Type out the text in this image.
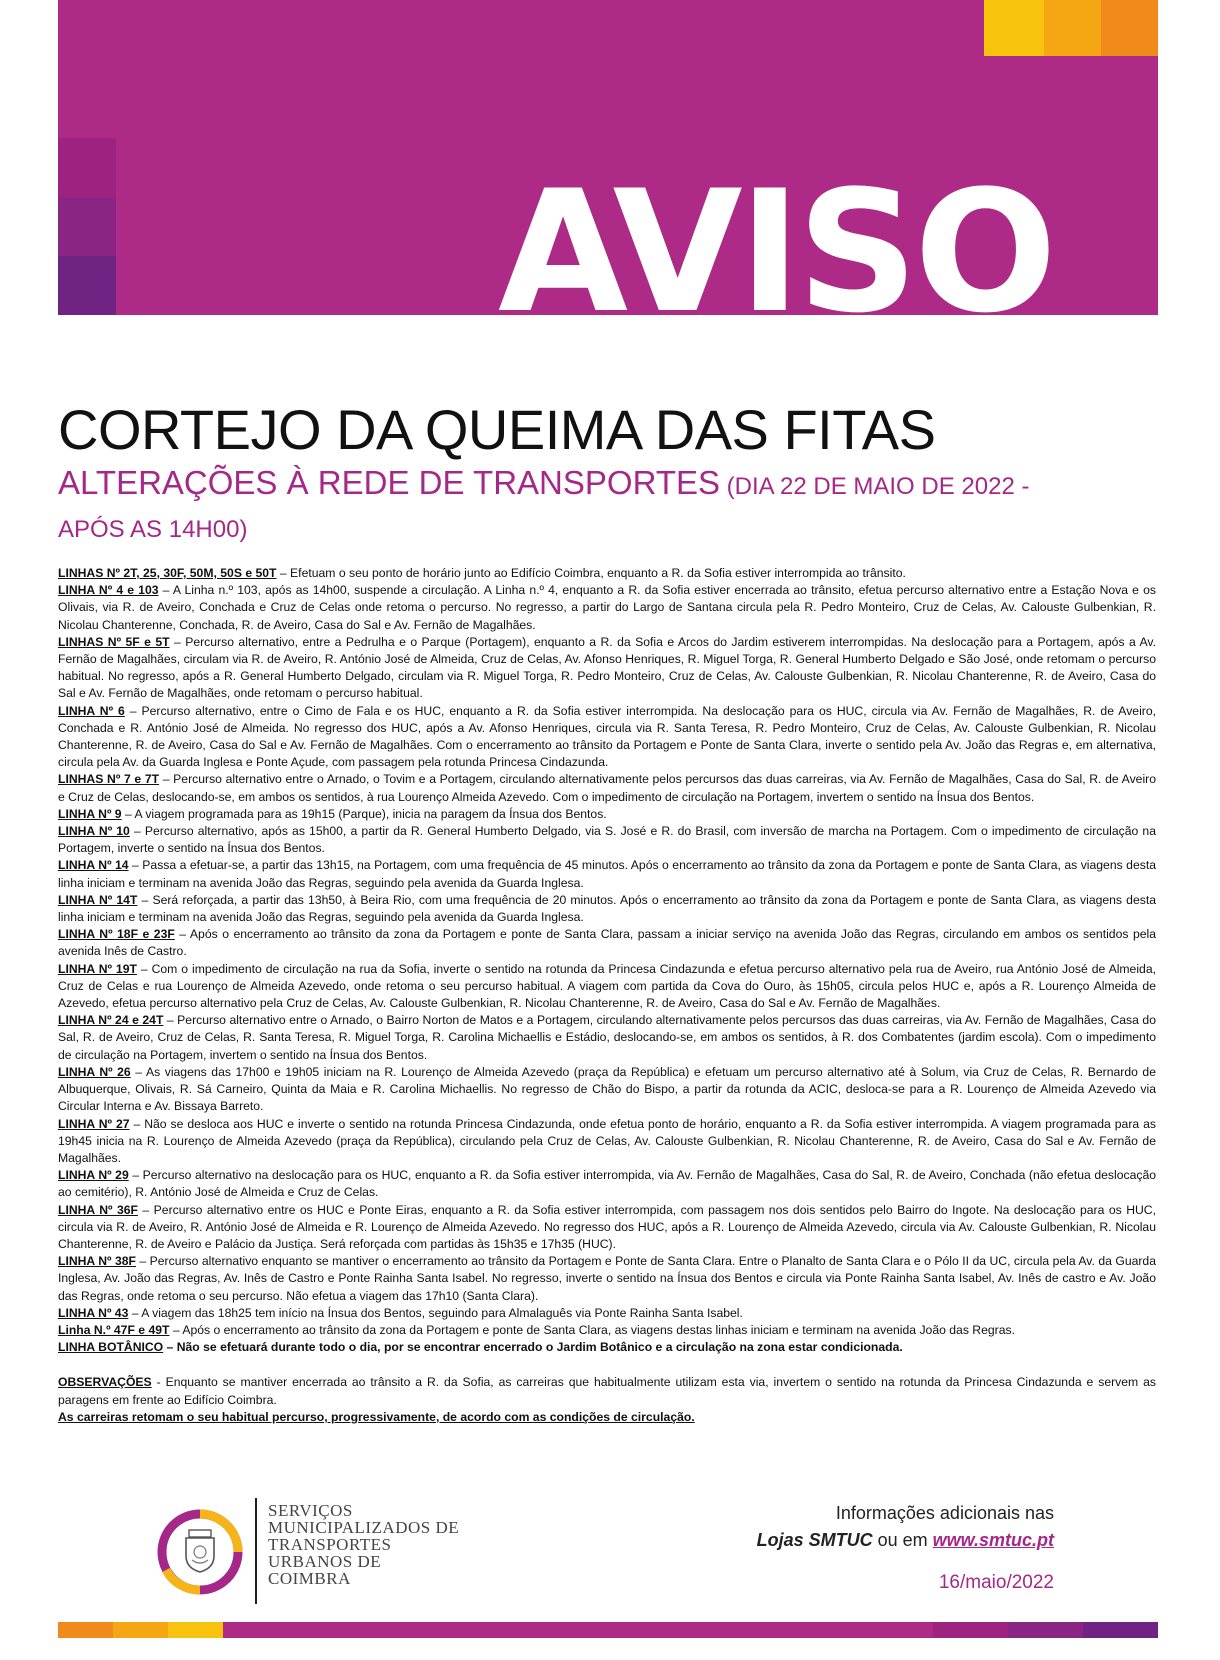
AVISO
CORTEJO DA QUEIMA DAS FITAS
ALTERAÇÕES À REDE DE TRANSPORTES (DIA 22 DE MAIO DE 2022 - APÓS AS 14H00)

LINHAS Nº 2T, 25, 30F, 50M, 50S e 50T – Efetuam o seu ponto de horário junto ao Edifício Coimbra, enquanto a R. da Sofia estiver interrompida ao trânsito.

LINHA Nº 4 e 103 – A Linha n.º 103, após as 14h00, suspende a circulação. A Linha n.º 4, enquanto a R. da Sofia estiver encerrada ao trânsito, efetua percurso alternativo entre a Estação Nova e os Olivais, via R. de Aveiro, Conchada e Cruz de Celas onde retoma o percurso. No regresso, a partir do Largo de Santana circula pela R. Pedro Monteiro, Cruz de Celas, Av. Calouste Gulbenkian, R. Nicolau Chanterenne, Conchada, R. de Aveiro, Casa do Sal e Av. Fernão de Magalhães.

LINHAS Nº 5F e 5T – Percurso alternativo, entre a Pedrulha e o Parque (Portagem), enquanto a R. da Sofia e Arcos do Jardim estiverem interrompidas. Na deslocação para a Portagem, após a Av. Fernão de Magalhães, circulam via R. de Aveiro, R. António José de Almeida, Cruz de Celas, Av. Afonso Henriques, R. Miguel Torga, R. General Humberto Delgado e São José, onde retomam o percurso habitual. No regresso, após a R. General Humberto Delgado, circulam via R. Miguel Torga, R. Pedro Monteiro, Cruz de Celas, Av. Calouste Gulbenkian, R. Nicolau Chanterenne, R. de Aveiro, Casa do Sal e Av. Fernão de Magalhães, onde retomam o percurso habitual.

LINHA Nº 6 – Percurso alternativo, entre o Cimo de Fala e os HUC, enquanto a R. da Sofia estiver interrompida. Na deslocação para os HUC, circula via Av. Fernão de Magalhães, R. de Aveiro, Conchada e R. António José de Almeida. No regresso dos HUC, após a Av. Afonso Henriques, circula via R. Santa Teresa, R. Pedro Monteiro, Cruz de Celas, Av. Calouste Gulbenkian, R. Nicolau Chanterenne, R. de Aveiro, Casa do Sal e Av. Fernão de Magalhães. Com o encerramento ao trânsito da Portagem e Ponte de Santa Clara, inverte o sentido pela Av. João das Regras e, em alternativa, circula pela Av. da Guarda Inglesa e Ponte Açude, com passagem pela rotunda Princesa Cindazunda.

LINHAS Nº 7 e 7T – Percurso alternativo entre o Arnado, o Tovim e a Portagem, circulando alternativamente pelos percursos das duas carreiras, via Av. Fernão de Magalhães, Casa do Sal, R. de Aveiro e Cruz de Celas, deslocando-se, em ambos os sentidos, à rua Lourenço Almeida Azevedo. Com o impedimento de circulação na Portagem, invertem o sentido na Ínsua dos Bentos.

LINHA Nº 9 – A viagem programada para as 19h15 (Parque), inicia na paragem da Ínsua dos Bentos.

LINHA Nº 10 – Percurso alternativo, após as 15h00, a partir da R. General Humberto Delgado, via S. José e R. do Brasil, com inversão de marcha na Portagem. Com o impedimento de circulação na Portagem, inverte o sentido na Ínsua dos Bentos.

LINHA Nº 14 – Passa a efetuar-se, a partir das 13h15, na Portagem, com uma frequência de 45 minutos. Após o encerramento ao trânsito da zona da Portagem e ponte de Santa Clara, as viagens desta linha iniciam e terminam na avenida João das Regras, seguindo pela avenida da Guarda Inglesa.

LINHA Nº 14T – Será reforçada, a partir das 13h50, à Beira Rio, com uma frequência de 20 minutos. Após o encerramento ao trânsito da zona da Portagem e ponte de Santa Clara, as viagens desta linha iniciam e terminam na avenida João das Regras, seguindo pela avenida da Guarda Inglesa.

LINHA Nº 18F e 23F – Após o encerramento ao trânsito da zona da Portagem e ponte de Santa Clara, passam a iniciar serviço na avenida João das Regras, circulando em ambos os sentidos pela avenida Inês de Castro.

LINHA Nº 19T – Com o impedimento de circulação na rua da Sofia, inverte o sentido na rotunda da Princesa Cindazunda e efetua percurso alternativo pela rua de Aveiro, rua António José de Almeida, Cruz de Celas e rua Lourenço de Almeida Azevedo, onde retoma o seu percurso habitual. A viagem com partida da Cova do Ouro, às 15h05, circula pelos HUC e, após a R. Lourenço Almeida de Azevedo, efetua percurso alternativo pela Cruz de Celas, Av. Calouste Gulbenkian, R. Nicolau Chanterenne, R. de Aveiro, Casa do Sal e Av. Fernão de Magalhães.

LINHA Nº 24 e 24T – Percurso alternativo entre o Arnado, o Bairro Norton de Matos e a Portagem, circulando alternativamente pelos percursos das duas carreiras, via Av. Fernão de Magalhães, Casa do Sal, R. de Aveiro, Cruz de Celas, R. Santa Teresa, R. Miguel Torga, R. Carolina Michaellis e Estádio, deslocando-se, em ambos os sentidos, à R. dos Combatentes (jardim escola). Com o impedimento de circulação na Portagem, invertem o sentido na Ínsua dos Bentos.

LINHA Nº 26 – As viagens das 17h00 e 19h05 iniciam na R. Lourenço de Almeida Azevedo (praça da República) e efetuam um percurso alternativo até à Solum, via Cruz de Celas, R. Bernardo de Albuquerque, Olivais, R. Sá Carneiro, Quinta da Maia e R. Carolina Michaellis. No regresso de Chão do Bispo, a partir da rotunda da ACIC, desloca-se para a R. Lourenço de Almeida Azevedo via Circular Interna e Av. Bissaya Barreto.

LINHA Nº 27 – Não se desloca aos HUC e inverte o sentido na rotunda Princesa Cindazunda, onde efetua ponto de horário, enquanto a R. da Sofia estiver interrompida. A viagem programada para as 19h45 inicia na R. Lourenço de Almeida Azevedo (praça da República), circulando pela Cruz de Celas, Av. Calouste Gulbenkian, R. Nicolau Chanterenne, R. de Aveiro, Casa do Sal e Av. Fernão de Magalhães.

LINHA Nº 29 – Percurso alternativo na deslocação para os HUC, enquanto a R. da Sofia estiver interrompida, via Av. Fernão de Magalhães, Casa do Sal, R. de Aveiro, Conchada (não efetua deslocação ao cemitério), R. António José de Almeida e Cruz de Celas.

LINHA Nº 36F – Percurso alternativo entre os HUC e Ponte Eiras, enquanto a R. da Sofia estiver interrompida, com passagem nos dois sentidos pelo Bairro do Ingote. Na deslocação para os HUC, circula via R. de Aveiro, R. António José de Almeida e R. Lourenço de Almeida Azevedo. No regresso dos HUC, após a R. Lourenço de Almeida Azevedo, circula via Av. Calouste Gulbenkian, R. Nicolau Chanterenne, R. de Aveiro e Palácio da Justiça. Será reforçada com partidas às 15h35 e 17h35 (HUC).

LINHA Nº 38F – Percurso alternativo enquanto se mantiver o encerramento ao trânsito da Portagem e Ponte de Santa Clara. Entre o Planalto de Santa Clara e o Pólo II da UC, circula pela Av. da Guarda Inglesa, Av. João das Regras, Av. Inês de Castro e Ponte Rainha Santa Isabel. No regresso, inverte o sentido na Ínsua dos Bentos e circula via Ponte Rainha Santa Isabel, Av. Inês de castro e Av. João das Regras, onde retoma o seu percurso. Não efetua a viagem das 17h10 (Santa Clara).

LINHA Nº 43 – A viagem das 18h25 tem início na Ínsua dos Bentos, seguindo para Almalaguês via Ponte Rainha Santa Isabel.

Linha N.º 47F e 49T – Após o encerramento ao trânsito da zona da Portagem e ponte de Santa Clara, as viagens destas linhas iniciam e terminam na avenida João das Regras.

LINHA BOTÂNICO – Não se efetuará durante todo o dia, por se encontrar encerrado o Jardim Botânico e a circulação na zona estar condicionada.

OBSERVAÇÕES - Enquanto se mantiver encerrada ao trânsito a R. da Sofia, as carreiras que habitualmente utilizam esta via, invertem o sentido na rotunda da Princesa Cindazunda e servem as paragens em frente ao Edifício Coimbra.

As carreiras retomam o seu habitual percurso, progressivamente, de acordo com as condições de circulação.

SERVIÇOS
MUNICIPALIZADOS DE
TRANSPORTES
URBANOS DE
COIMBRA
Informações adicionais nas
Lojas SMTUC ou em www.smtuc.pt
16/maio/2022
